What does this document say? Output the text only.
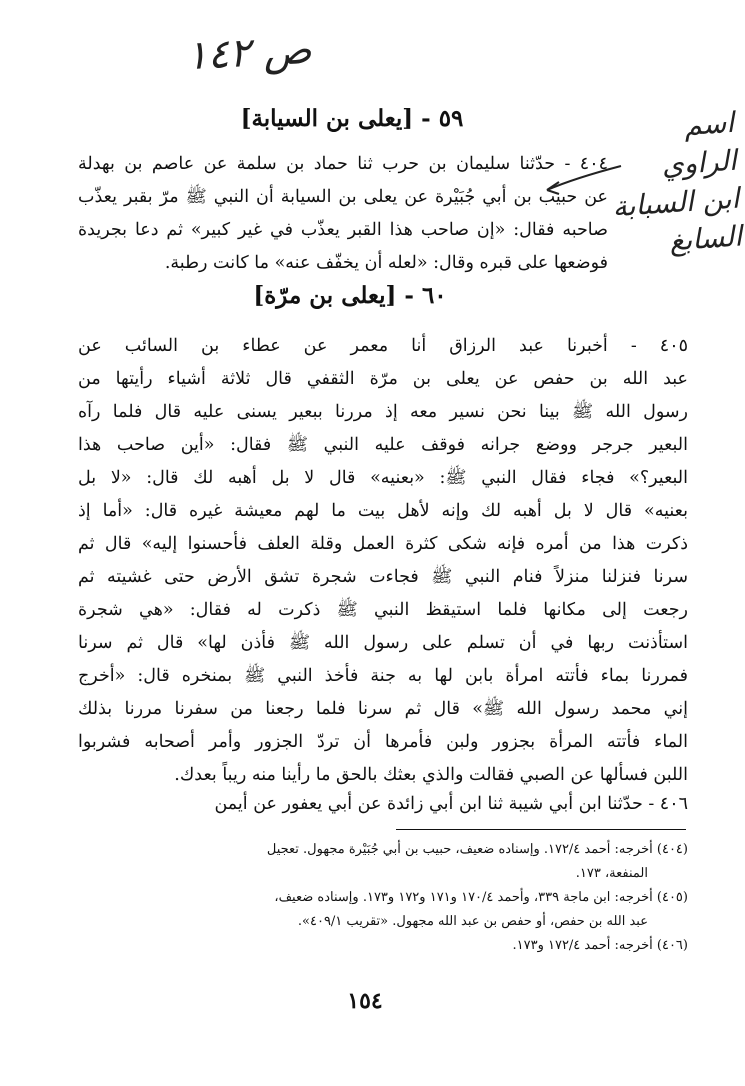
ص ١٤٢
اسم
الراوي
ابن السبابة
السابغ
٥٩ - [يعلى بن السيابة]
٤٠٤ - حدّثنا سليمان بن حرب ثنا حماد بن سلمة عن عاصم بن بهدلة
عن حبيب بن أبي جُبَيْرة عن يعلى بن السيابة أن النبي ﷺ مرّ بقبر يعذّب
صاحبه فقال: «إن صاحب هذا القبر يعذّب في غير كبير» ثم دعا بجريدة
فوضعها على قبره وقال: «لعله أن يخفّف عنه» ما كانت رطبة.
٦٠ - [يعلى بن مرّة]
٤٠٥ - أخبرنا عبد الرزاق أنا معمر عن عطاء بن السائب عن
عبد الله بن حفص عن يعلى بن مرّة الثقفي قال ثلاثة أشياء رأيتها من
رسول الله ﷺ بينا نحن نسير معه إذ مررنا ببعير يسنى عليه قال فلما رآه
البعير جرجر ووضع جرانه فوقف عليه النبي ﷺ فقال: «أين صاحب هذا
البعير؟» فجاء فقال النبي ﷺ: «بعنيه» قال لا بل أهبه لك قال: «لا بل
بعنيه» قال لا بل أهبه لك وإنه لأهل بيت ما لهم معيشة غيره قال: «أما إذ
ذكرت هذا من أمره فإنه شكى كثرة العمل وقلة العلف فأحسنوا إليه» قال ثم
سرنا فنزلنا منزلاً فنام النبي ﷺ فجاءت شجرة تشق الأرض حتى غشيته ثم
رجعت إلى مكانها فلما استيقظ النبي ﷺ ذكرت له فقال: «هي شجرة
استأذنت ربها في أن تسلم على رسول الله ﷺ فأذن لها» قال ثم سرنا
فمررنا بماء فأتته امرأة بابن لها به جنة فأخذ النبي ﷺ بمنخره قال: «أخرج
إني محمد رسول الله ﷺ» قال ثم سرنا فلما رجعنا من سفرنا مررنا بذلك
الماء فأتته المرأة بجزور ولبن فأمرها أن تردّ الجزور وأمر أصحابه فشربوا
اللبن فسألها عن الصبي فقالت والذي بعثك بالحق ما رأينا منه ريباً بعدك.
٤٠٦ - حدّثنا ابن أبي شيبة ثنا ابن أبي زائدة عن أبي يعفور عن أيمن
(٤٠٤) أخرجه: أحمد ١٧٢/٤. وإسناده ضعيف، حبيب بن أبي جُبَيْرة مجهول. تعجيل
المنفعة، ١٧٣.
(٤٠٥) أخرجه: ابن ماجة ٣٣٩، وأحمد ١٧٠/٤ و١٧١ و١٧٢ و١٧٣. وإسناده ضعيف،
عبد الله بن حفص، أو حفص بن عبد الله مجهول. «تقريب ٤٠٩/١».
(٤٠٦) أخرجه: أحمد ١٧٢/٤ و١٧٣.
١٥٤
